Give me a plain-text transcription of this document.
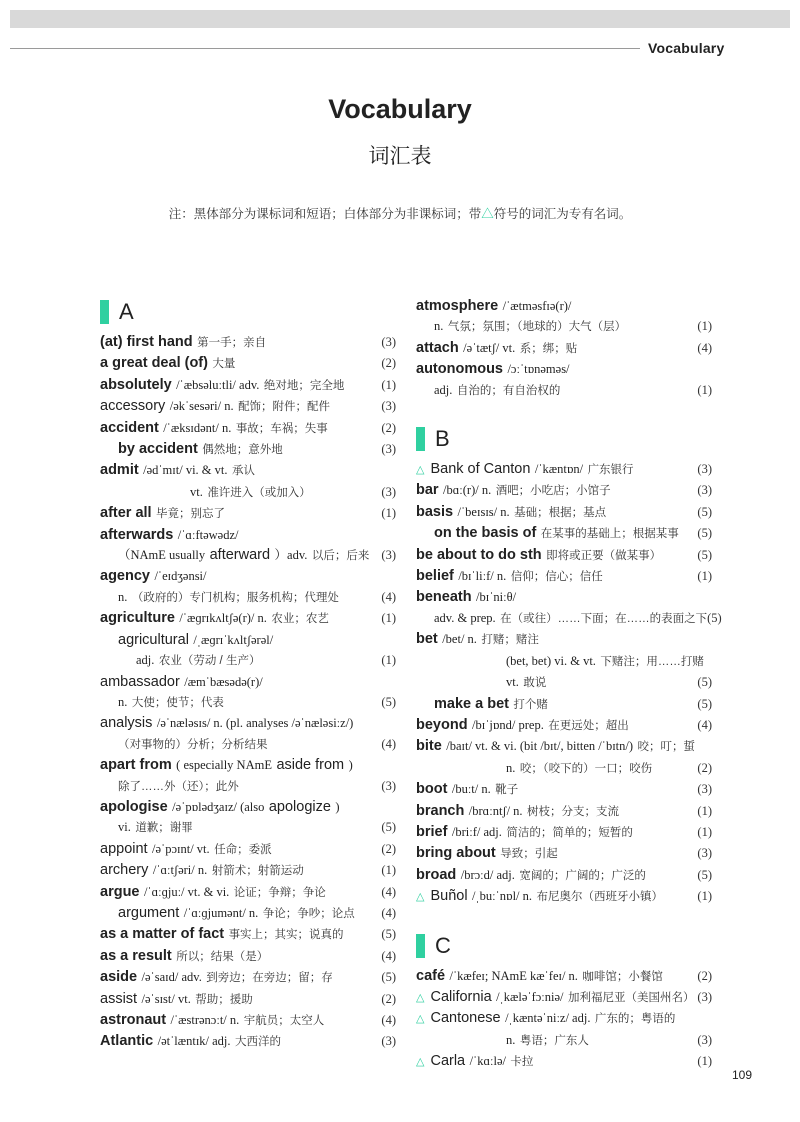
Vocabulary
Vocabulary
词汇表
注：黑体部分为课标词和短语；白体部分为非课标词；带△符号的词汇为专有名词。
A
(at) first hand 第一手；亲自	(3)
a great deal (of) 大量	(2)
absolutely /ˈæbsəluːtli/ adv. 绝对地；完全地	(1)
accessory /əkˈsesəri/ n. 配饰；附件；配件	(3)
accident /ˈæksɪdənt/ n. 事故；车祸；失事	(2)
by accident 偶然地；意外地	(3)
admit /ədˈmɪt/ vi. & vt. 承认
vt. 准许进入（或加入）	(3)
after all 毕竟；别忘了	(1)
afterwards /ˈɑːftəwədz/
（NAmE usually afterward ）adv. 以后；后来 (3)
agency /ˈeɪdʒənsi/
n. （政府的）专门机构；服务机构；代理处	(4)
agriculture /ˈæɡrɪkʌltʃə(r)/ n. 农业；农艺	(1)
agricultural /ˌæɡrɪˈkʌltʃərəl/
adj. 农业（劳动 / 生产）	(1)
ambassador /æmˈbæsədə(r)/
n. 大使；使节；代表	(5)
analysis /əˈnæləsɪs/ n. (pl. analyses /əˈnæləsiːz/)
（对事物的）分析；分析结果	(4)
apart from ( especially NAmE aside from )
除了……外（还）；此外	(3)
apologise /əˈpɒlədʒaɪz/ (also apologize )
vi. 道歉；谢罪	(5)
appoint /əˈpɔɪnt/ vt. 任命；委派	(2)
archery /ˈɑːtʃəri/ n. 射箭术；射箭运动	(1)
argue /ˈɑːɡjuː/ vt. & vi. 论证；争辩；争论	(4)
argument /ˈɑːɡjumənt/ n. 争论；争吵；论点	(4)
as a matter of fact 事实上；其实；说真的	(5)
as a result 所以；结果（是）	(4)
aside /əˈsaɪd/ adv. 到旁边；在旁边；留；存	(5)
assist /əˈsɪst/ vt. 帮助；援助	(2)
astronaut /ˈæstrənɔːt/ n. 宇航员；太空人	(4)
Atlantic /ətˈlæntɪk/ adj. 大西洋的	(3)
atmosphere /ˈætməsfɪə(r)/
n. 气氛；氛围；（地球的）大气（层）	(1)
attach /əˈtætʃ/ vt. 系；绑；贴	(4)
autonomous /ɔːˈtɒnəməs/
adj. 自治的；有自治权的	(1)
B
△ Bank of Canton /ˈkæntɒn/ 广东银行	(3)
bar /bɑː(r)/ n. 酒吧；小吃店；小馆子	(3)
basis /ˈbeɪsɪs/ n. 基础；根据；基点	(5)
on the basis of 在某事的基础上；根据某事	(5)
be about to do sth 即将或正要（做某事）	(5)
belief /bɪˈliːf/ n. 信仰；信心；信任	(1)
beneath /bɪˈniːθ/
adv. & prep. 在（或往）……下面；在……的表面之下 (5)
bet /bet/ n. 打赌；赌注
(bet, bet) vi. & vt. 下赌注；用……打赌
vt. 敢说	(5)
make a bet 打个赌	(5)
beyond /bɪˈjɒnd/ prep. 在更远处；超出	(4)
bite /baɪt/ vt. & vi. (bit /bɪt/, bitten /ˈbɪtn/) 咬；叮；蜇
n. 咬；（咬下的）一口；咬伤	(2)
boot /buːt/ n. 靴子	(3)
branch /brɑːntʃ/ n. 树枝；分支；支流	(1)
brief /briːf/ adj. 简洁的；简单的；短暂的	(1)
bring about 导致；引起	(3)
broad /brɔːd/ adj. 宽阔的；广阔的；广泛的	(5)
△ Buñol /ˌbuːˈnɒl/ n. 布尼奥尔（西班牙小镇）	(1)
C
café /ˈkæfeɪ; NAmE kæˈfeɪ/ n. 咖啡馆；小餐馆	(2)
△ California /ˌkæləˈfɔːniə/ 加利福尼亚（美国州名） (3)
△ Cantonese /ˌkæntəˈniːz/ adj. 广东的；粤语的
n. 粤语；广东人	(3)
△ Carla /ˈkɑːlə/ 卡拉	(1)
109
